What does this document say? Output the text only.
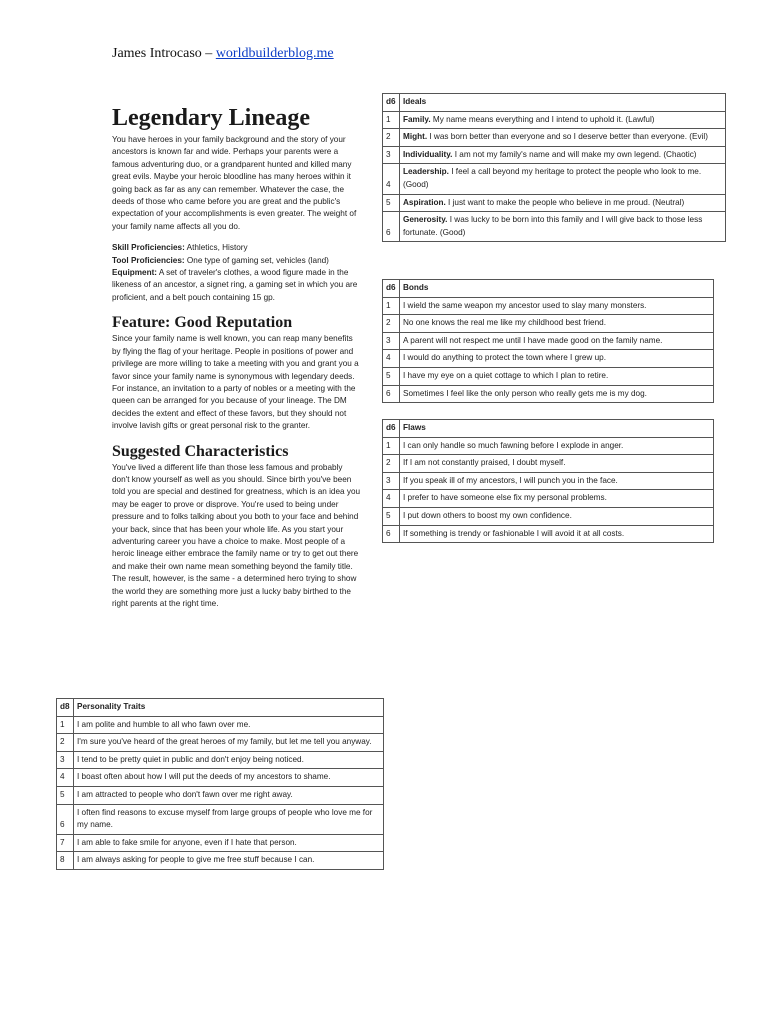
James Introcaso – worldbuilderblog.me
Legendary Lineage

You have heroes in your family background and the story of your ancestors is known far and wide. Perhaps your parents were a famous adventuring duo, or a grandparent hunted and killed many great evils. Maybe your heroic bloodline has many heroes within it going back as far as any can remember. Whatever the case, the deeds of those who came before you are great and the public's expectation of your accomplishments is even greater. The weight of your family name affects all you do.

Skill Proficiencies: Athletics, History

Tool Proficiencies: One type of gaming set, vehicles (land)

Equipment: A set of traveler's clothes, a wood figure made in the likeness of an ancestor, a signet ring, a gaming set in which you are proficient, and a belt pouch containing 15 gp.

Feature: Good Reputation

Since your family name is well known, you can reap many benefits by flying the flag of your heritage. People in positions of power and privilege are more willing to take a meeting with you and grant you a favor since your family name is synonymous with legendary deeds. For instance, an invitation to a party of nobles or a meeting with the queen can be arranged for you because of your lineage. The DM decides the extent and effect of these favors, but they should not involve lavish gifts or great personal risk to the granter.

Suggested Characteristics

You've lived a different life than those less famous and probably don't know yourself as well as you should. Since birth you've been told you are special and destined for greatness, which is an idea you may be eager to prove or disprove. You're used to being under pressure and to folks talking about you both to your face and behind your back, since that has been your whole life. As you start your adventuring career you have a choice to make. Most people of a heroic lineage either embrace the family name or try to get out there and make their own name mean something beyond the family title. The result, however, is the same - a determined hero trying to show the world they are something more just a lucky baby birthed to the right parents at the right time.

d6	Ideals
1	Family. My name means everything and I intend to uphold it. (Lawful)
2	Might. I was born better than everyone and so I deserve better than everyone. (Evil)
3	Individuality. I am not my family's name and will make my own legend. (Chaotic)
4	Leadership. I feel a call beyond my heritage to protect the people who look to me. (Good)
5	Aspiration. I just want to make the people who believe in me proud. (Neutral)
6	Generosity. I was lucky to be born into this family and I will give back to those less fortunate. (Good)
d6	Bonds
1	I wield the same weapon my ancestor used to slay many monsters.
2	No one knows the real me like my childhood best friend.
3	A parent will not respect me until I have made good on the family name.
4	I would do anything to protect the town where I grew up.
5	I have my eye on a quiet cottage to which I plan to retire.
6	Sometimes I feel like the only person who really gets me is my dog.
d6	Flaws
1	I can only handle so much fawning before I explode in anger.
2	If I am not constantly praised, I doubt myself.
3	If you speak ill of my ancestors, I will punch you in the face.
4	I prefer to have someone else fix my personal problems.
5	I put down others to boost my own confidence.
6	If something is trendy or fashionable I will avoid it at all costs.
d8	Personality Traits
1	I am polite and humble to all who fawn over me.
2	I'm sure you've heard of the great heroes of my family, but let me tell you anyway.
3	I tend to be pretty quiet in public and don't enjoy being noticed.
4	I boast often about how I will put the deeds of my ancestors to shame.
5	I am attracted to people who don't fawn over me right away.
6	I often find reasons to excuse myself from large groups of people who love me for my name.
7	I am able to fake smile for anyone, even if I hate that person.
8	I am always asking for people to give me free stuff because I can.
